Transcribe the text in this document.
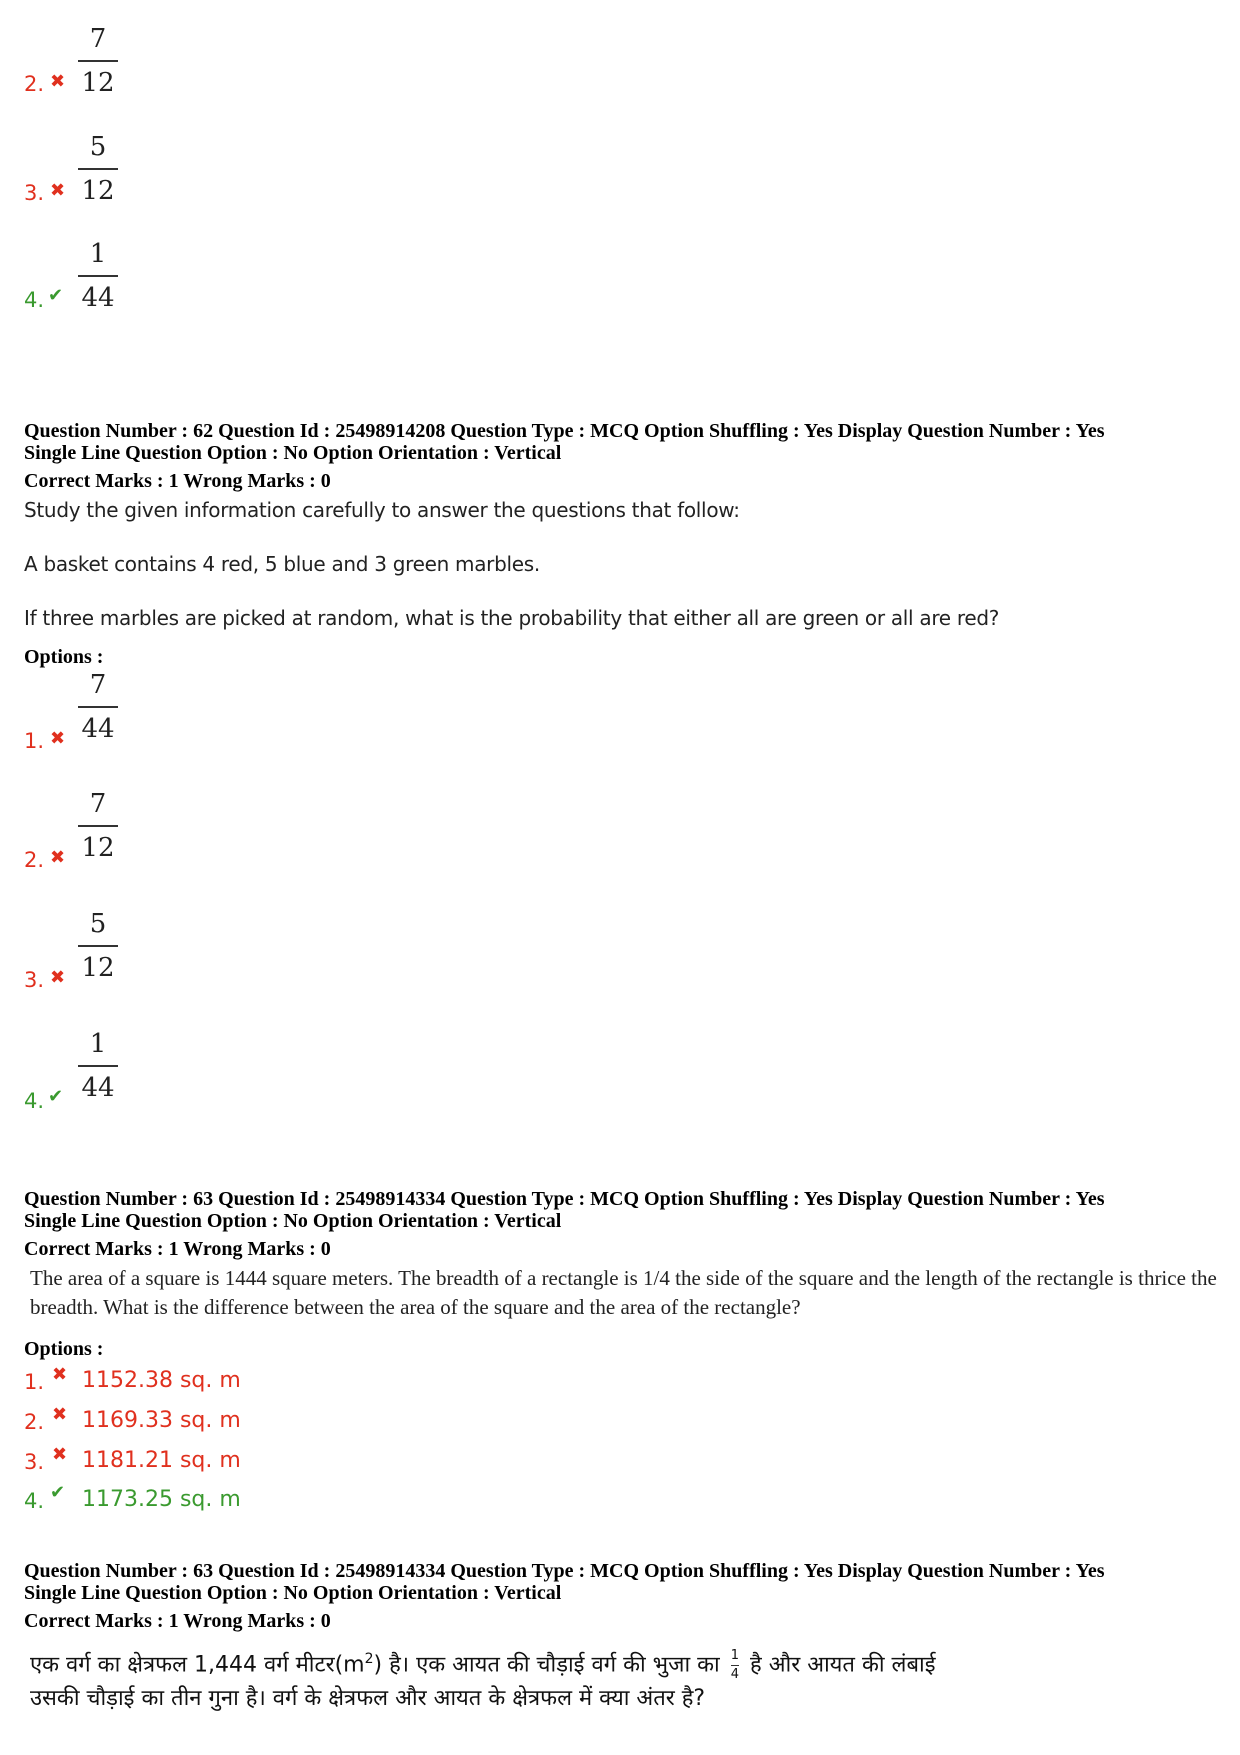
2. ✖
7
12
3. ✖
5
12
4. ✔
1
44
Question Number : 62 Question Id : 25498914208 Question Type : MCQ Option Shuffling : Yes Display Question Number : Yes
Single Line Question Option : No Option Orientation : Vertical
Correct Marks : 1 Wrong Marks : 0
Study the given information carefully to answer the questions that follow:
A basket contains 4 red, 5 blue and 3 green marbles.
If three marbles are picked at random, what is the probability that either all are green or all are red?
Options :
1. ✖
7
44
2. ✖
7
12
3. ✖
5
12
4. ✔
1
44
Question Number : 63 Question Id : 25498914334 Question Type : MCQ Option Shuffling : Yes Display Question Number : Yes
Single Line Question Option : No Option Orientation : Vertical
Correct Marks : 1 Wrong Marks : 0
The area of a square is 1444 square meters. The breadth of a rectangle is 1/4 the side of the square and the length of the rectangle is thrice the breadth. What is the difference between the area of the square and the area of the rectangle?
Options :
1. ✖ 1152.38 sq. m
2. ✖ 1169.33 sq. m
3. ✖ 1181.21 sq. m
4. ✔ 1173.25 sq. m
Question Number : 63 Question Id : 25498914334 Question Type : MCQ Option Shuffling : Yes Display Question Number : Yes
Single Line Question Option : No Option Orientation : Vertical
Correct Marks : 1 Wrong Marks : 0
एक वर्ग का क्षेत्रफल 1,444 वर्ग $मीटर(m^2)$ है। एक आयत की चौड़ाई वर्ग की भुजा का $\frac{1}{4}$ है और आयत की लंबाई
उसकी चौड़ाई का तीन गुना है। वर्ग के क्षेत्रफल और आयत के क्षेत्रफल में क्या अंतर है?
